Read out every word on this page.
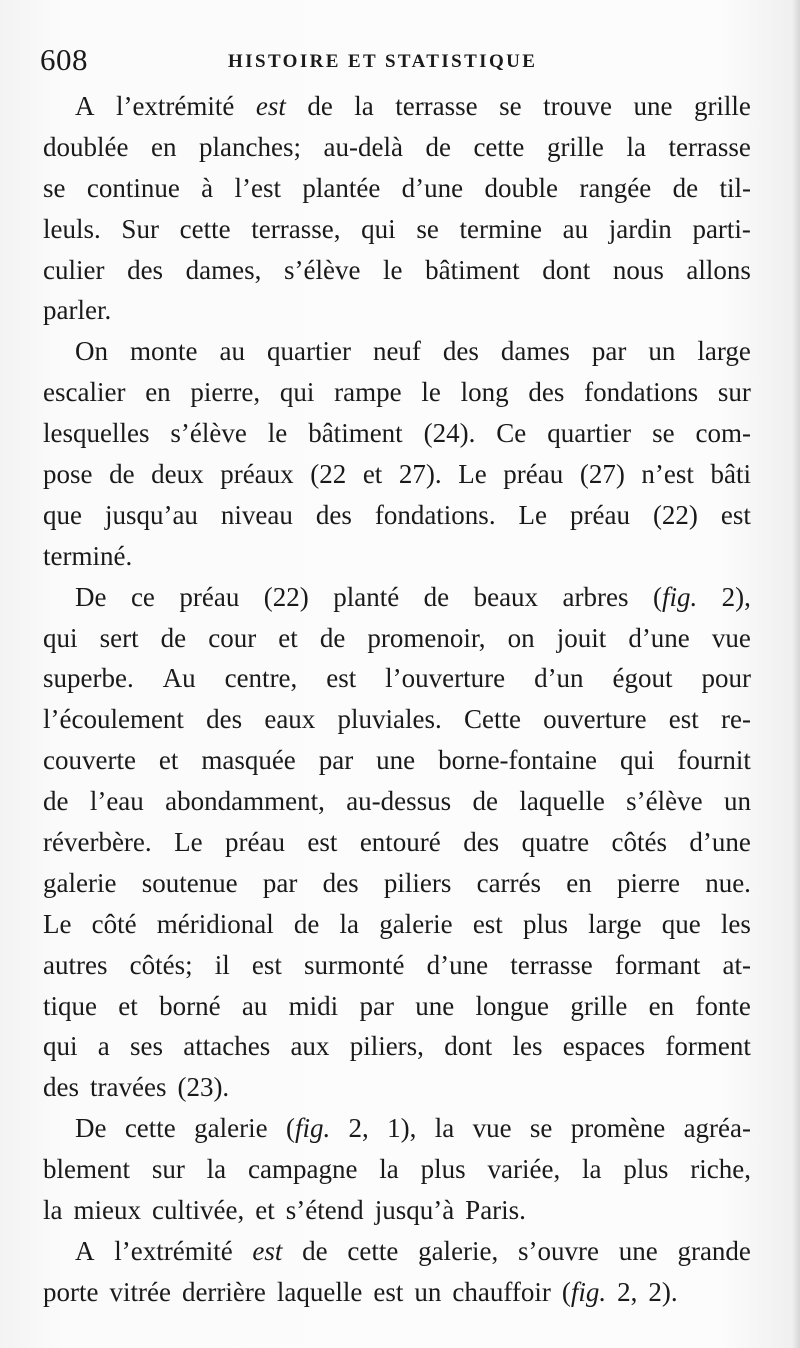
608	HISTOIRE ET STATISTIQUE
A l’extrémité est de la terrasse se trouve une grille
doublée en planches; au-delà de cette grille la terrasse
se continue à l’est plantée d’une double rangée de til-
leuls. Sur cette terrasse, qui se termine au jardin parti-
culier des dames, s’élève le bâtiment dont nous allons
parler.
On monte au quartier neuf des dames par un large
escalier en pierre, qui rampe le long des fondations sur
lesquelles s’élève le bâtiment (24). Ce quartier se com-
pose de deux préaux (22 et 27). Le préau (27) n’est bâti
que jusqu’au niveau des fondations. Le préau (22) est
terminé.
De ce préau (22) planté de beaux arbres (fig. 2),
qui sert de cour et de promenoir, on jouit d’une vue
superbe. Au centre, est l’ouverture d’un égout pour
l’écoulement des eaux pluviales. Cette ouverture est re-
couverte et masquée par une borne-fontaine qui fournit
de l’eau abondamment, au-dessus de laquelle s’élève un
réverbère. Le préau est entouré des quatre côtés d’une
galerie soutenue par des piliers carrés en pierre nue.
Le côté méridional de la galerie est plus large que les
autres côtés; il est surmonté d’une terrasse formant at-
tique et borné au midi par une longue grille en fonte
qui a ses attaches aux piliers, dont les espaces forment
des travées (23).
De cette galerie (fig. 2, 1), la vue se promène agréa-
blement sur la campagne la plus variée, la plus riche,
la mieux cultivée, et s’étend jusqu’à Paris.
A l’extrémité est de cette galerie, s’ouvre une grande
porte vitrée derrière laquelle est un chauffoir (fig. 2, 2).
